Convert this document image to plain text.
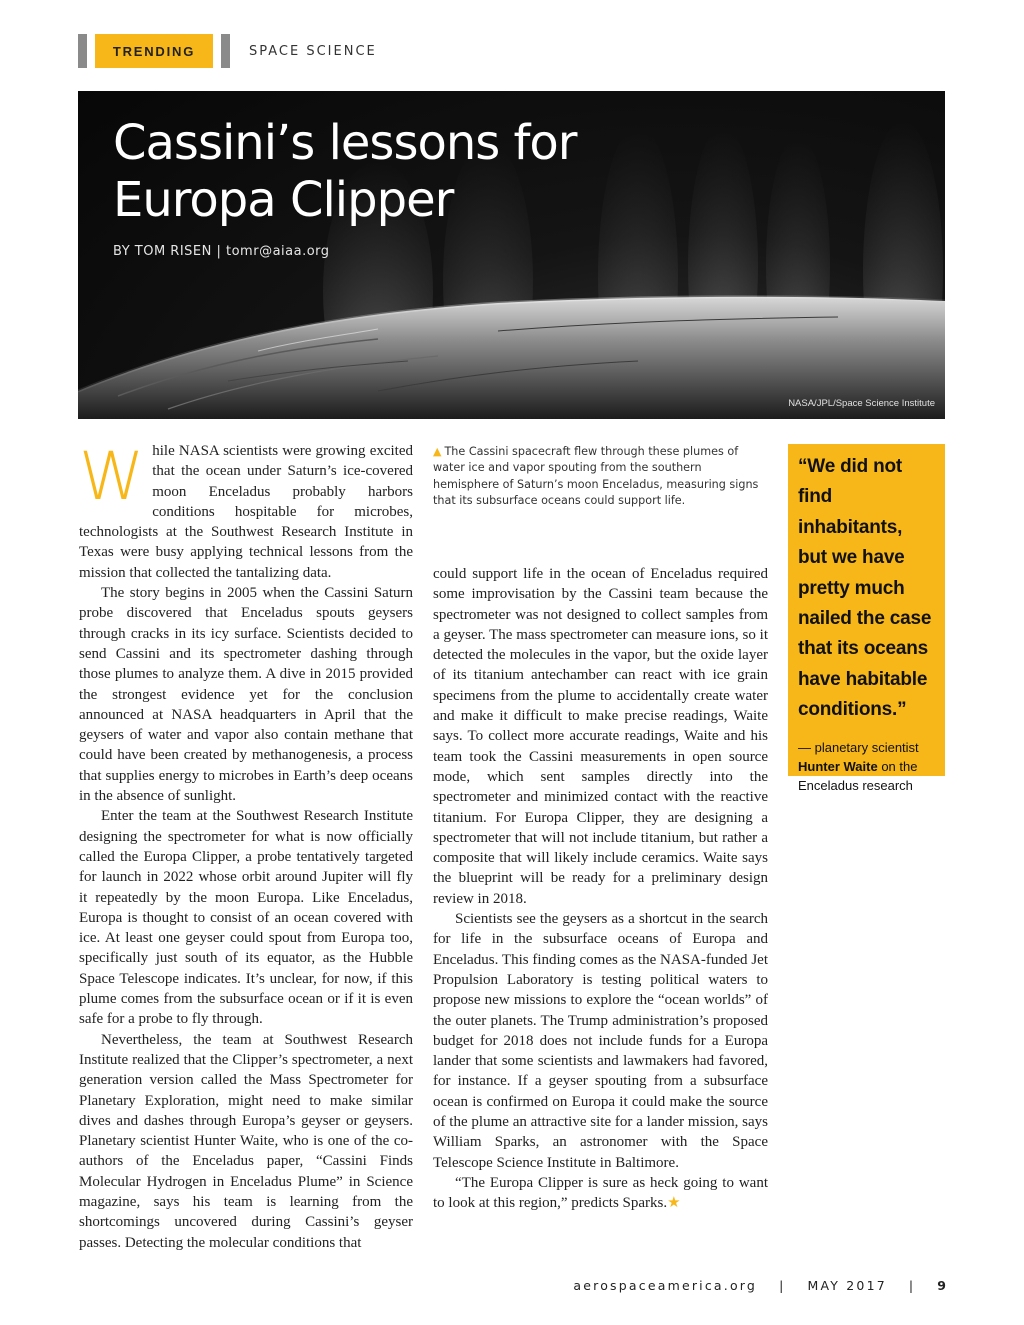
TRENDING	SPACE SCIENCE
Cassini’s lessons for
Europa Clipper
BY TOM RISEN | tomr@aiaa.org
NASA/JPL/Space Science Institute

While NASA scientists were growing excited that the ocean under Saturn’s ice-covered moon Enceladus probably harbors conditions hospitable for microbes, technologists at the Southwest Research Institute in Texas were busy applying technical lessons from the mission that collected the tantalizing data.

The story begins in 2005 when the Cassini Saturn probe discovered that Enceladus spouts geysers through cracks in its icy surface. Scientists decided to send Cassini and its spectrometer dashing through those plumes to analyze them. A dive in 2015 provided the strongest evidence yet for the conclusion announced at NASA headquarters in April that the geysers of water and vapor also contain methane that could have been created by methanogenesis, a process that supplies energy to microbes in Earth’s deep oceans in the absence of sunlight.

Enter the team at the Southwest Research Institute designing the spectrometer for what is now officially called the Europa Clipper, a probe tentatively targeted for launch in 2022 whose orbit around Jupiter will fly it repeatedly by the moon Europa. Like Enceladus, Europa is thought to consist of an ocean covered with ice. At least one geyser could spout from Europa too, specifically just south of its equator, as the Hubble Space Telescope indicates. It’s unclear, for now, if this plume comes from the subsurface ocean or if it is even safe for a probe to fly through.

Nevertheless, the team at Southwest Research Institute realized that the Clipper’s spectrometer, a next generation version called the Mass Spectrometer for Planetary Exploration, might need to make similar dives and dashes through Europa’s geyser or geysers. Planetary scientist Hunter Waite, who is one of the co-authors of the Enceladus paper, “Cassini Finds Molecular Hydrogen in Enceladus Plume” in Science magazine, says his team is learning from the shortcomings uncovered during Cassini’s geyser passes. Detecting the molecular conditions that

▲ The Cassini spacecraft flew through these plumes of water ice and vapor spouting from the southern hemisphere of Saturn’s moon Enceladus, measuring signs that its subsurface oceans could support life.

could support life in the ocean of Enceladus required some improvisation by the Cassini team because the spectrometer was not designed to collect samples from a geyser. The mass spectrometer can measure ions, so it detected the molecules in the vapor, but the oxide layer of its titanium antechamber can react with ice grain specimens from the plume to accidentally create water and make it difficult to make precise readings, Waite says. To collect more accurate readings, Waite and his team took the Cassini measurements in open source mode, which sent samples directly into the spectrometer and minimized contact with the reactive titanium. For Europa Clipper, they are designing a spectrometer that will not include titanium, but rather a composite that will likely include ceramics. Waite says the blueprint will be ready for a preliminary design review in 2018.

Scientists see the geysers as a shortcut in the search for life in the subsurface oceans of Europa and Enceladus. This finding comes as the NASA-funded Jet Propulsion Laboratory is testing political waters to propose new missions to explore the “ocean worlds” of the outer planets. The Trump administration’s proposed budget for 2018 does not include funds for a Europa lander that some scientists and lawmakers had favored, for instance. If a geyser spouting from a subsurface ocean is confirmed on Europa it could make the source of the plume an attractive site for a lander mission, says William Sparks, an astronomer with the Space Telescope Science Institute in Baltimore.

“The Europa Clipper is sure as heck going to want to look at this region,” predicts Sparks.★

“We did not find inhabitants, but we have pretty much nailed the case that its oceans have habitable conditions.”
— planetary scientist Hunter Waite on the Enceladus research
aerospaceamerica.org | MAY 2017 | 9
